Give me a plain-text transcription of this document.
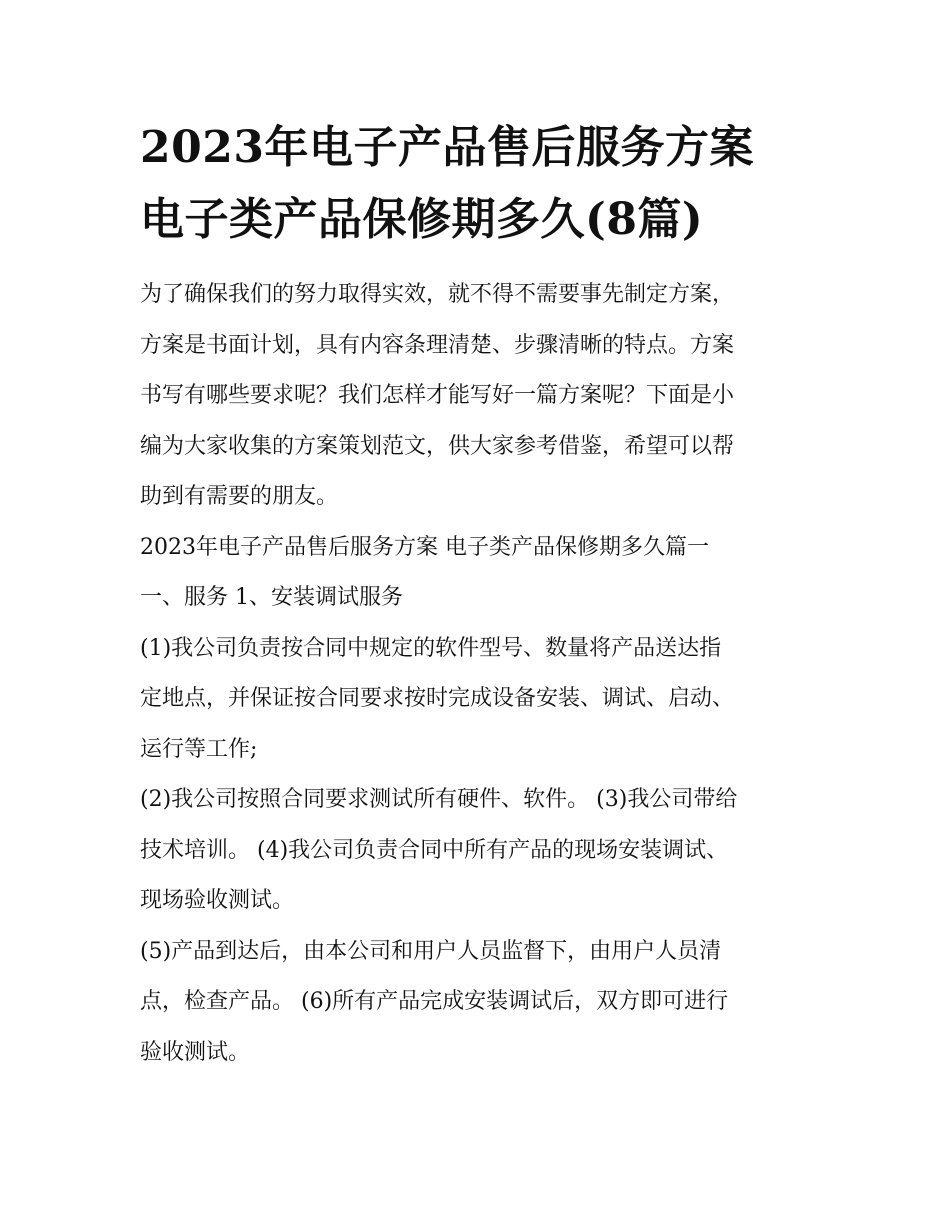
2023年电子产品售后服务方案
电子类产品保修期多久(8篇)

为了确保我们的努力取得实效，就不得不需要事先制定方案，
方案是书面计划，具有内容条理清楚、步骤清晰的特点。方案
书写有哪些要求呢？我们怎样才能写好一篇方案呢？下面是小
编为大家收集的方案策划范文，供大家参考借鉴，希望可以帮
助到有需要的朋友。

2023年电子产品售后服务方案 电子类产品保修期多久篇一

一、服务 1、安装调试服务

(1)我公司负责按合同中规定的软件型号、数量将产品送达指
定地点，并保证按合同要求按时完成设备安装、调试、启动、
运行等工作;

(2)我公司按照合同要求测试所有硬件、软件。 (3)我公司带给
技术培训。 (4)我公司负责合同中所有产品的现场安装调试、
现场验收测试。

(5)产品到达后，由本公司和用户人员监督下，由用户人员清
点，检查产品。 (6)所有产品完成安装调试后，双方即可进行
验收测试。
